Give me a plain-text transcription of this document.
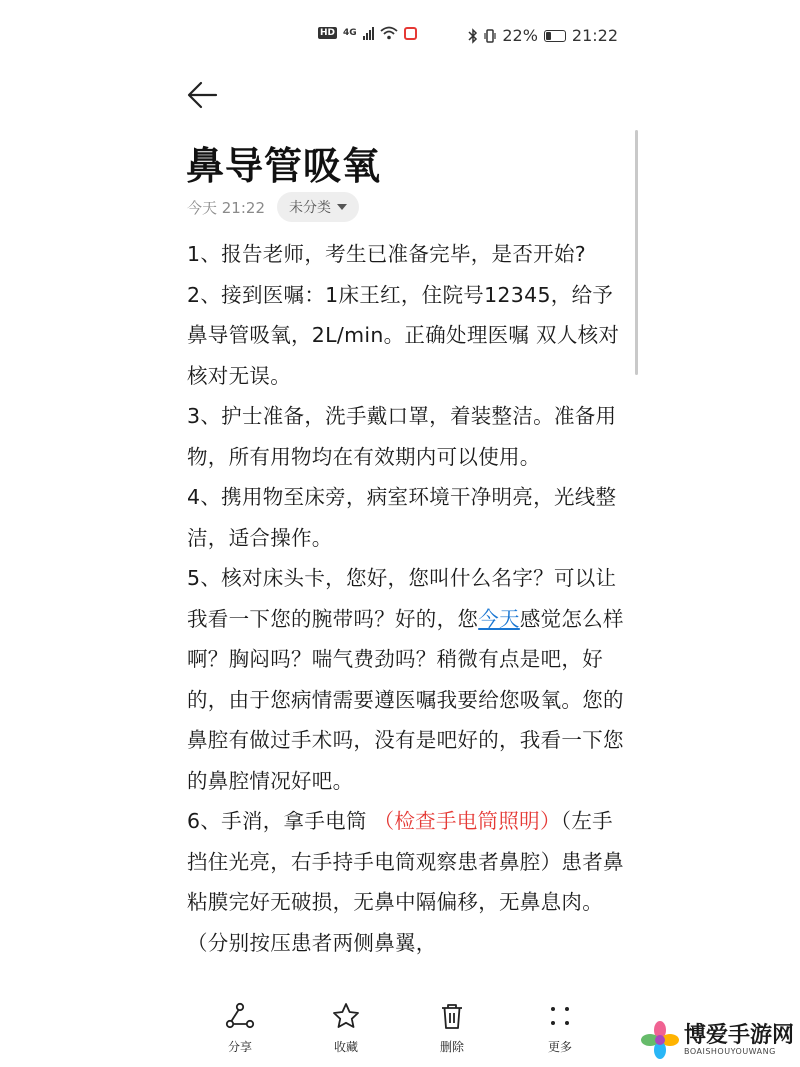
HD 4G	22% 21:22
鼻导管吸氧
今天 21:22 未分类

1、报告老师，考生已准备完毕，是否开始?

2、接到医嘱：1床王红，住院号12345，给予鼻导管吸氧，2L/min。正确处理医嘱 双人核对核对无误。

3、护士准备，洗手戴口罩，着装整洁。准备用物，所有用物均在有效期内可以使用。

4、携用物至床旁，病室环境干净明亮，光线整洁，适合操作。

5、核对床头卡，您好，您叫什么名字？可以让我看一下您的腕带吗？好的，您今天感觉怎么样啊？胸闷吗？喘气费劲吗？稍微有点是吧，好的，由于您病情需要遵医嘱我要给您吸氧。您的鼻腔有做过手术吗，没有是吧好的，我看一下您的鼻腔情况好吧。

6、手消，拿手电筒 （检查手电筒照明）（左手挡住光亮，右手持手电筒观察患者鼻腔）患者鼻粘膜完好无破损，无鼻中隔偏移，无鼻息肉。（分别按压患者两侧鼻翼，

分享	收藏	删除	更多	博爱手游网
BOAISHOUYOUWANG
